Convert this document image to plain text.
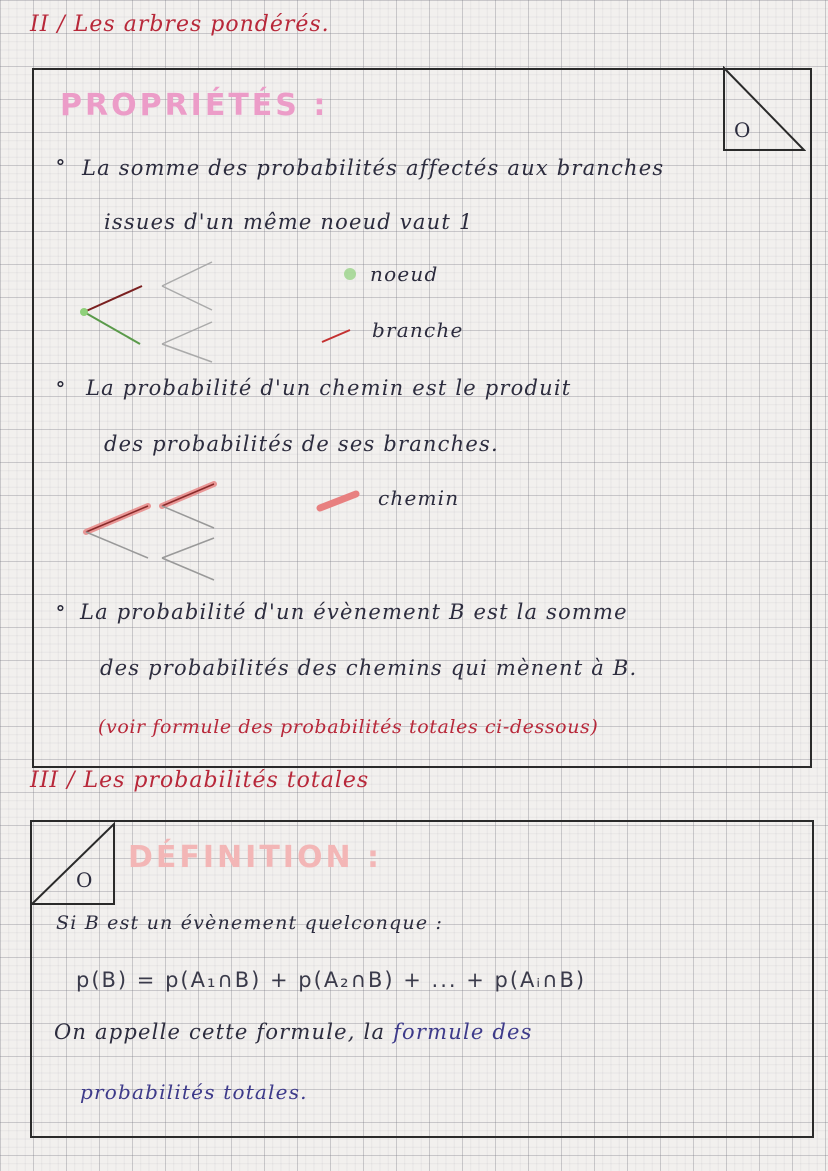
II / Les arbres pondérés.
O
PROPRIÉTÉS :
∘ La somme des probabilités affectés aux branches
issues d'un même noeud vaut 1
noeud
branche
∘ La probabilité d'un chemin est le produit
des probabilités de ses branches.
chemin
∘ La probabilité d'un évènement B est la somme
des probabilités des chemins qui mènent à B.
(voir formule des probabilités totales ci-dessous)
III / Les probabilités totales
O
DÉFINITION :
Si B est un évènement quelconque :
p(B) = p(A₁∩B) + p(A₂∩B) + ... + p(Aᵢ∩B)
On appelle cette formule, la formule des
probabilités totales.
